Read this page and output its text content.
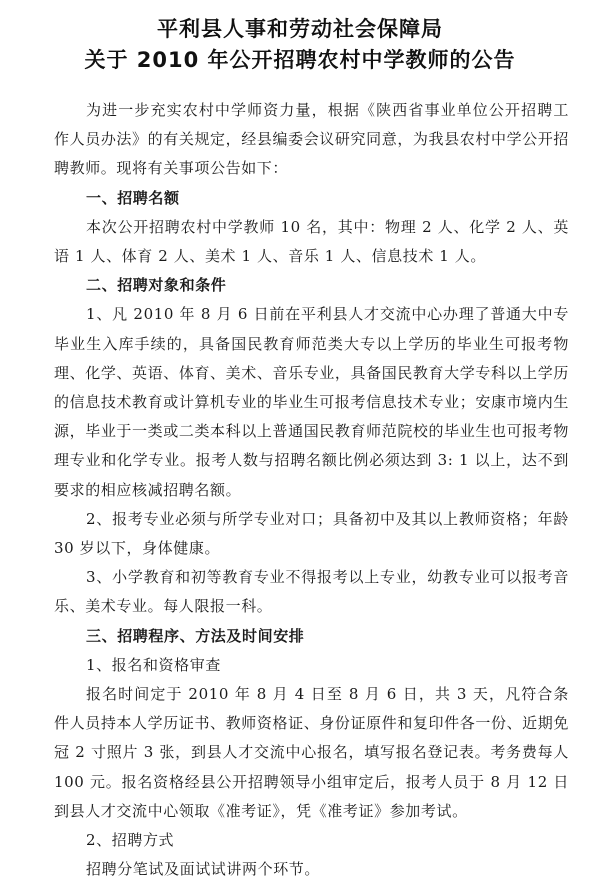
平利县人事和劳动社会保障局
关于 2010 年公开招聘农村中学教师的公告

为进一步充实农村中学师资力量，根据《陕西省事业单位公开招聘工作人员办法》的有关规定，经县编委会议研究同意，为我县农村中学公开招聘教师。现将有关事项公告如下：

一、招聘名额

本次公开招聘农村中学教师 10 名，其中：物理 2 人、化学 2 人、英语 1 人、体育 2 人、美术 1 人、音乐 1 人、信息技术 1 人。

二、招聘对象和条件

1、凡 2010 年 8 月 6 日前在平利县人才交流中心办理了普通大中专毕业生入库手续的，具备国民教育师范类大专以上学历的毕业生可报考物理、化学、英语、体育、美术、音乐专业，具备国民教育大学专科以上学历的信息技术教育或计算机专业的毕业生可报考信息技术专业；安康市境内生源，毕业于一类或二类本科以上普通国民教育师范院校的毕业生也可报考物理专业和化学专业。报考人数与招聘名额比例必须达到 3: 1 以上，达不到要求的相应核减招聘名额。

2、报考专业必须与所学专业对口；具备初中及其以上教师资格；年龄 30 岁以下，身体健康。

3、小学教育和初等教育专业不得报考以上专业，幼教专业可以报考音乐、美术专业。每人限报一科。

三、招聘程序、方法及时间安排

1、报名和资格审查

报名时间定于 2010 年 8 月 4 日至 8 月 6 日，共 3 天，凡符合条件人员持本人学历证书、教师资格证、身份证原件和复印件各一份、近期免冠 2 寸照片 3 张，到县人才交流中心报名，填写报名登记表。考务费每人 100 元。报名资格经县公开招聘领导小组审定后，报考人员于 8 月 12 日到县人才交流中心领取《准考证》，凭《准考证》参加考试。

2、招聘方式

招聘分笔试及面试试讲两个环节。
